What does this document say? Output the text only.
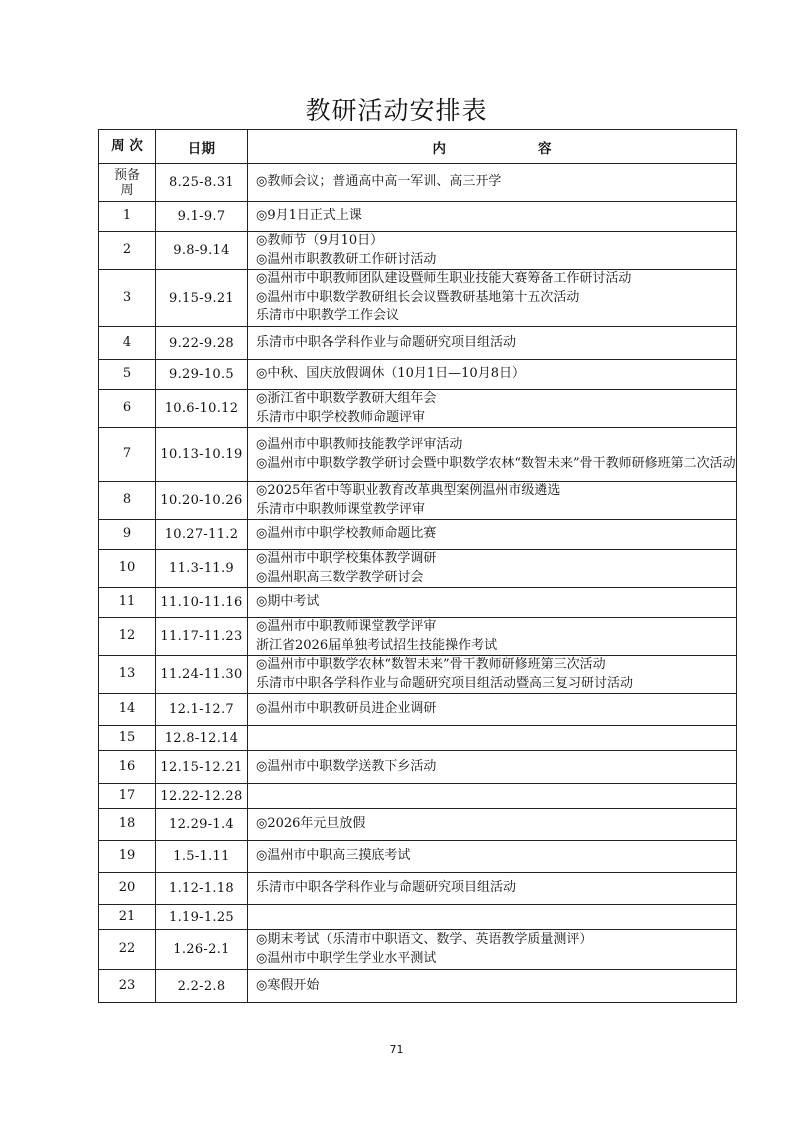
教研活动安排表
周 次	日期	内 容
预备周	8.25-8.31	◎教师会议；普通高中高一军训、高三开学

1	9.1-9.7	◎9月1日正式上课

2	9.8-9.14	◎教师节（9月10日）
◎温州市职教教研工作研讨活动

3	9.15-9.21	◎温州市中职教师团队建设暨师生职业技能大赛筹备工作研讨活动
◎温州市中职数学教研组长会议暨教研基地第十五次活动
乐清市中职教学工作会议

4	9.22-9.28	乐清市中职各学科作业与命题研究项目组活动

5	9.29-10.5	◎中秋、国庆放假调休（10月1日—10月8日）

6	10.6-10.12	◎浙江省中职数学教研大组年会
乐清市中职学校教师命题评审

7	10.13-10.19	◎温州市中职教师技能教学评审活动
◎温州市中职数学教学研讨会暨中职数学农林“数智未来”骨干教师研修班第二次活动

8	10.20-10.26	◎2025年省中等职业教育改革典型案例温州市级遴选
乐清市中职教师课堂教学评审

9	10.27-11.2	◎温州市中职学校教师命题比赛

10	11.3-11.9	◎温州市中职学校集体教学调研
◎温州职高三数学教学研讨会

11	11.10-11.16	◎期中考试

12	11.17-11.23	◎温州市中职教师课堂教学评审
浙江省2026届单独考试招生技能操作考试

13	11.24-11.30	◎温州市中职数学农林“数智未来”骨干教师研修班第三次活动
乐清市中职各学科作业与命题研究项目组活动暨高三复习研讨活动

14	12.1-12.7	◎温州市中职教研员进企业调研

15	12.8-12.14	
16	12.15-12.21	◎温州市中职数学送教下乡活动

17	12.22-12.28	
18	12.29-1.4	◎2026年元旦放假

19	1.5-1.11	◎温州市中职高三摸底考试

20	1.12-1.18	乐清市中职各学科作业与命题研究项目组活动

21	1.19-1.25	
22	1.26-2.1	◎期末考试（乐清市中职语文、数学、英语教学质量测评）
◎温州市中职学生学业水平测试

23	2.2-2.8	◎寒假开始
71
